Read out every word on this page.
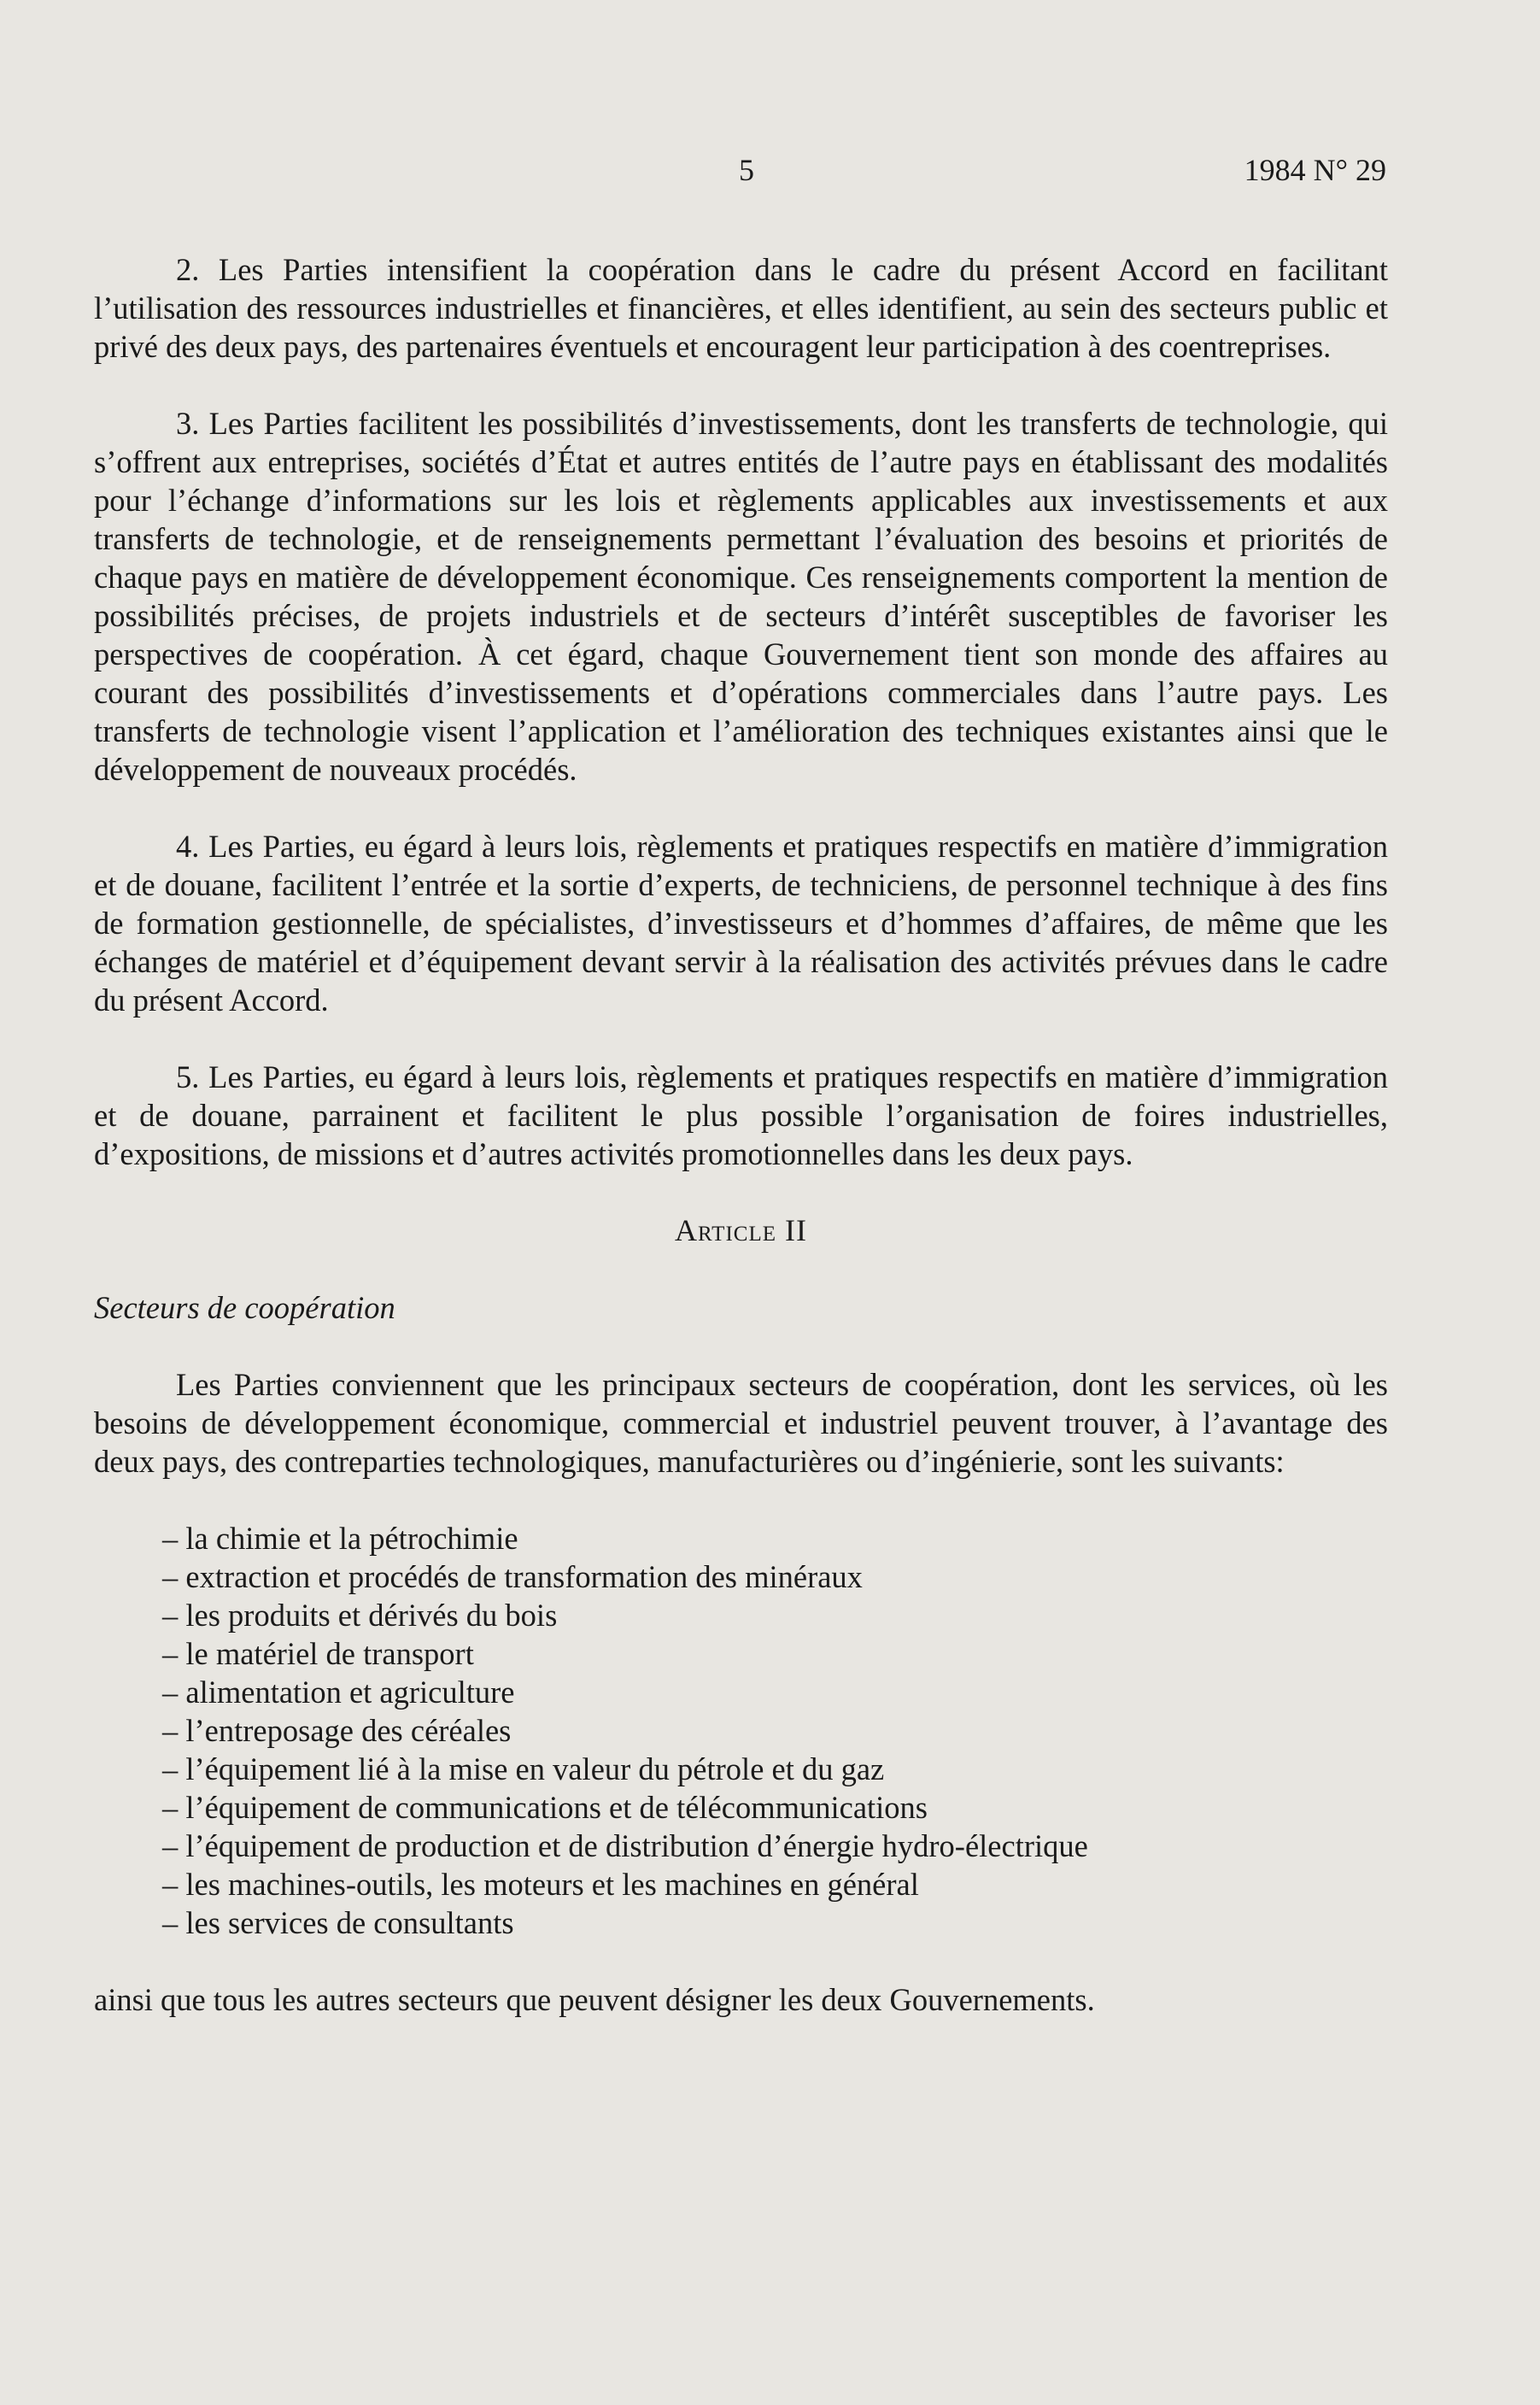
5	1984 N° 29

2. Les Parties intensifient la coopération dans le cadre du présent Accord en facilitant l’utilisation des ressources industrielles et financières, et elles identifient, au sein des secteurs public et privé des deux pays, des partenaires éventuels et encouragent leur participation à des coentreprises.

3. Les Parties facilitent les possibilités d’investissements, dont les transferts de technologie, qui s’offrent aux entreprises, sociétés d’État et autres entités de l’autre pays en établissant des modalités pour l’échange d’informations sur les lois et règlements applicables aux investissements et aux transferts de technologie, et de renseignements permettant l’évaluation des besoins et priorités de chaque pays en matière de développement économique. Ces renseignements comportent la mention de possibilités précises, de projets industriels et de secteurs d’intérêt susceptibles de favoriser les perspectives de coopération. À cet égard, chaque Gouvernement tient son monde des affaires au courant des possibilités d’investissements et d’opérations commerciales dans l’autre pays. Les transferts de technologie visent l’application et l’amélioration des techniques existantes ainsi que le développement de nouveaux procédés.

4. Les Parties, eu égard à leurs lois, règlements et pratiques respectifs en matière d’immigration et de douane, facilitent l’entrée et la sortie d’experts, de techniciens, de personnel technique à des fins de formation gestionnelle, de spécialistes, d’investisseurs et d’hommes d’affaires, de même que les échanges de matériel et d’équipement devant servir à la réalisation des activités prévues dans le cadre du présent Accord.

5. Les Parties, eu égard à leurs lois, règlements et pratiques respectifs en matière d’immigration et de douane, parrainent et facilitent le plus possible l’organisation de foires industrielles, d’expositions, de missions et d’autres activités promotionnelles dans les deux pays.

Article II
Secteurs de coopération

Les Parties conviennent que les principaux secteurs de coopération, dont les services, où les besoins de développement économique, commercial et industriel peuvent trouver, à l’avantage des deux pays, des contreparties technologiques, manufacturières ou d’ingénierie, sont les suivants:

– la chimie et la pétrochimie
– extraction et procédés de transformation des minéraux
– les produits et dérivés du bois
– le matériel de transport
– alimentation et agriculture
– l’entreposage des céréales
– l’équipement lié à la mise en valeur du pétrole et du gaz
– l’équipement de communications et de télécommunications
– l’équipement de production et de distribution d’énergie hydro-électrique
– les machines-outils, les moteurs et les machines en général
– les services de consultants

ainsi que tous les autres secteurs que peuvent désigner les deux Gouvernements.
